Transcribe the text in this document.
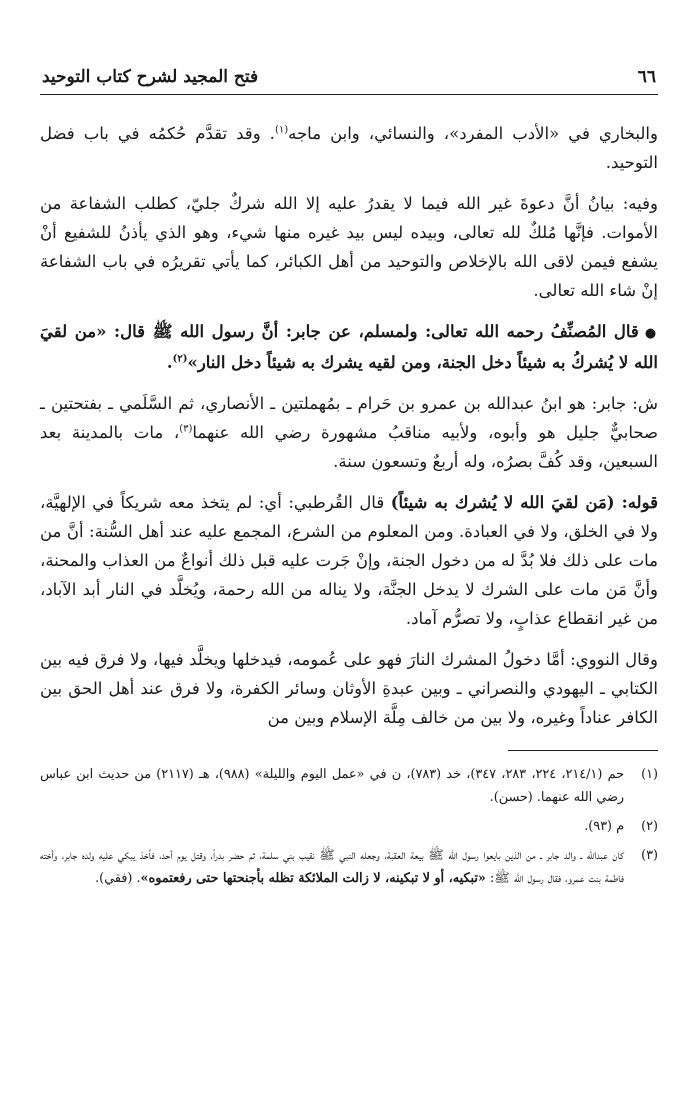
٦٦
فتح المجيد لشرح كتاب التوحيد

والبخاري في «الأدب المفرد»، والنسائي، وابن ماجه$^{(١)}$. وقد تقدَّم حُكمُه في باب فضل التوحيد.

وفيه: بيانُ أنَّ دعوةَ غير الله فيما لا يقدرُ عليه إلا الله شركٌ جليّ، كطلب الشفاعة من الأموات. فإنَّها مُلكٌ لله تعالى، وبيده ليس بيد غيره منها شيء، وهو الذي يأذنُ للشفيع أنْ يشفع فيمن لاقى الله بالإخلاص والتوحيد من أهل الكبائر، كما يأتي تقريرُه في باب الشفاعة إنْ شاء الله تعالى.

●قال المُصنِّفُ رحمه الله تعالى: ولمسلم، عن جابر: أنَّ رسول الله ﷺ قال: «من لقيَ الله لا يُشركُ به شيئاً دخل الجنة، ومن لقيه يشرك به شيئاً دخل النار»$^{(٢)}$.

ش: جابر: هو ابنُ عبدالله بن عمرو بن حَرام ـ بمُهملتين ـ الأنصاري، ثم السَّلَمي ـ بفتحتين ـ صحابيٌّ جليل هو وأبوه، ولأبيه مناقبُ مشهورة رضي الله عنهما$^{(٣)}$، مات بالمدينة بعد السبعين، وقد كُفَّ بصرُه، وله أربعٌ وتسعون سنة.

قوله: (مَن لقيَ الله لا يُشرك به شيئاً) قال القُرطبي: أي: لم يتخذ معه شريكاً في الإلهيَّة، ولا في الخلق، ولا في العبادة. ومن المعلوم من الشرع، المجمع عليه عند أهل السُّنة: أنَّ من مات على ذلك فلا بُدَّ له من دخول الجنة، وإنْ جَرت عليه قبل ذلك أنواعٌ من العذاب والمحنة، وأنَّ مَن مات على الشرك لا يدخل الجنَّة، ولا يناله من الله رحمة، ويُخلَّد في النار أبد الآباد، من غير انقطاع عذابٍ، ولا تصرُّم آماد.

وقال النووي: أمَّا دخولُ المشرك النارَ فهو على عُمومه، فيدخلها ويخلَّد فيها، ولا فرق فيه بين الكتابي ـ اليهودي والنصراني ـ وبين عبدةِ الأوثان وسائر الكفرة، ولا فرق عند أهل الحق بين الكافر عناداً وغيره، ولا بين من خالف مِلَّة الإسلام وبين من

(١)
حم (٢١٤/١، ٢٢٤، ٢٨٣، ٣٤٧)، خد (٧٨٣)، ن في «عمل اليوم والليلة» (٩٨٨)، هـ (٢١١٧) من حديث ابن عباس رضي الله عنهما. (حسن).
(٢)
م (٩٣).
(٣)
كان عبدالله ـ والد جابر ـ من الذين بايعوا رسول الله ﷺ بيعة العقبة، وجعله النبي ﷺ نقيب بني سلمة، ثم حضر بدراً، وقتل يوم أحد، فأخذ يبكي عليه ولده جابر، وأخته فاطمة بنت عمرو، فقال رسول الله ﷺ: «تبكيه، أو لا تبكينه، لا زالت الملائكة تظله بأجنحتها حتى رفعتموه». (فقي).
